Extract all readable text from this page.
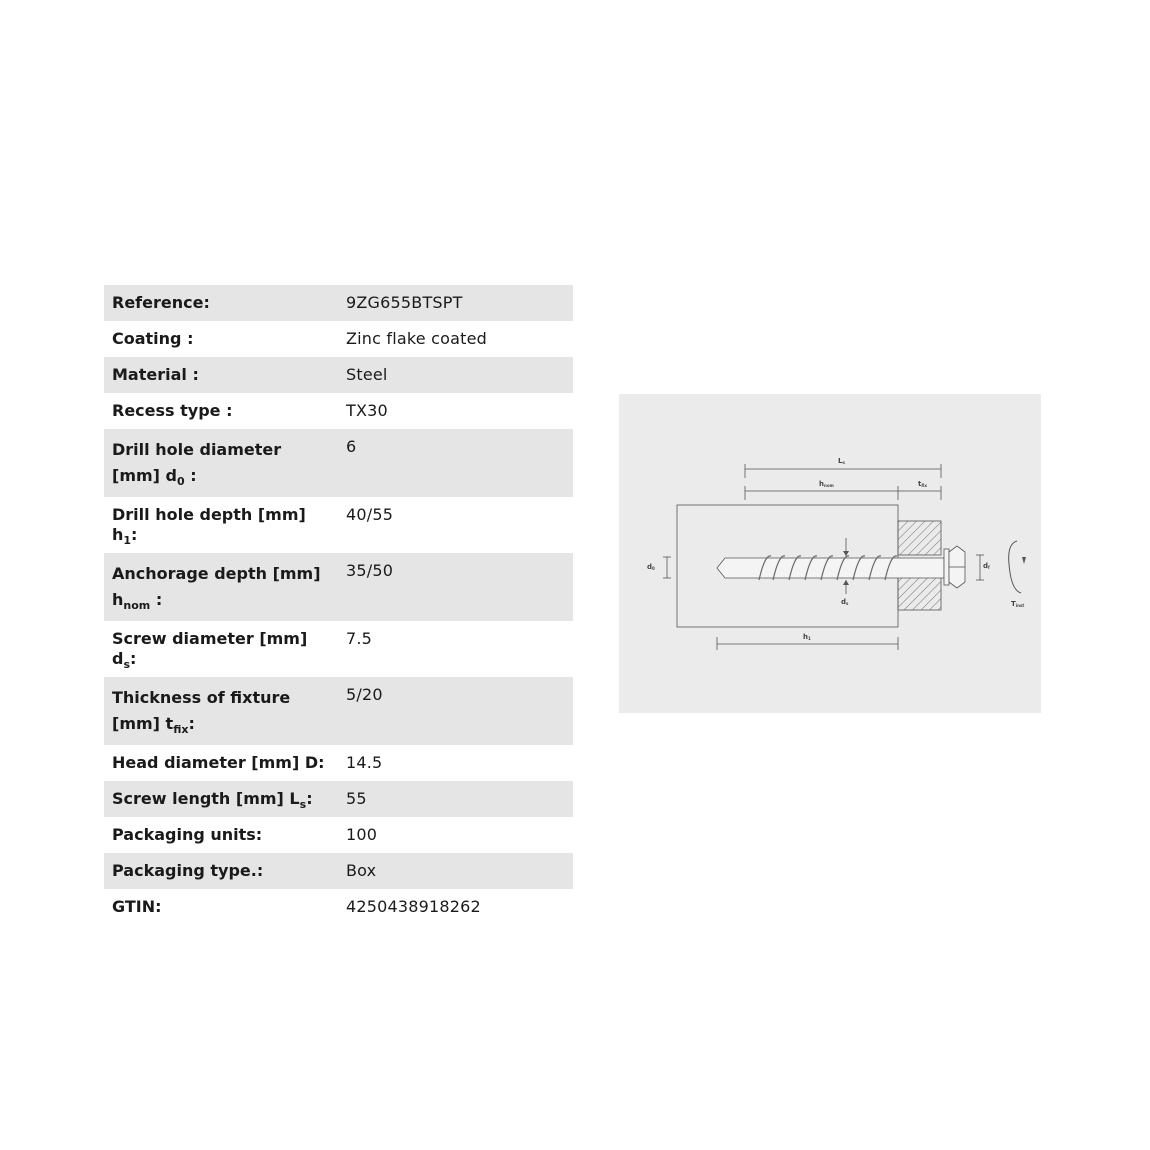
Reference:	9ZG655BTSPT
Coating :	Zinc flake coated
Material :	Steel
Recess type :	TX30
Drill hole diameter [mm] $d_0$ :	6
Drill hole depth [mm] $h_1$:	40/55
Anchorage depth [mm] $h_{nom}$ :	35/50
Screw diameter [mm] $d_s$:	7.5
Thickness of fixture [mm] $t_{fix}$:	5/20
Head diameter [mm] D:	14.5
Screw length [mm] $L_s$:	55
Packaging units:	100
Packaging type.:	Box
GTIN:	4250438918262
Ls
hnom	tfix
d0
ds
df
h1
Tinst
